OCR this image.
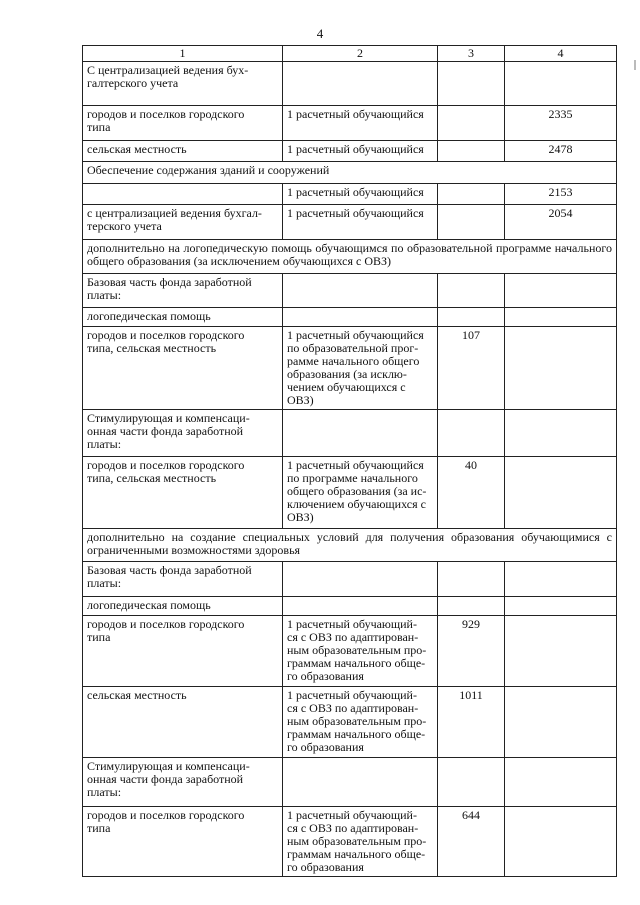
4
1	2	3	4
С централизацией ведения бух-
галтерского учета			
городов и поселков городского
типа	1 расчетный обучающийся		2335
сельская местность	1 расчетный обучающийся		2478
Обеспечение содержания зданий и сооружений			
	1 расчетный обучающийся		2153
с централизацией ведения бухгал-
терского учета	1 расчетный обучающийся		2054
дополнительно на логопедическую помощь обучающимся по образовательной программе начального общего образования (за исключением обучающихся с ОВЗ)			
Базовая часть фонда заработной
платы:			
логопедическая помощь			
городов и поселков городского
типа, сельская местность	1 расчетный обучающийся
по образовательной прог-
рамме начального общего
образования (за исклю-
чением обучающихся с ОВЗ)	107	
Стимулирующая и компенсаци-
онная части фонда заработной
платы:			
городов и поселков городского
типа, сельская местность	1 расчетный обучающийся
по программе начального
общего образования (за ис-
ключением обучающихся с
ОВЗ)	40	
дополнительно на создание специальных условий для получения образования обучающимися с ограниченными возможностями здоровья			
Базовая часть фонда заработной
платы:			
логопедическая помощь			
городов и поселков городского
типа	1 расчетный обучающий-
ся с ОВЗ по адаптирован-
ным образовательным про-
граммам начального обще-
го образования	929	
сельская местность	1 расчетный обучающий-
ся с ОВЗ по адаптирован-
ным образовательным про-
граммам начального обще-
го образования	1011	
Стимулирующая и компенсаци-
онная части фонда заработной
платы:			
городов и поселков городского
типа	1 расчетный обучающий-
ся с ОВЗ по адаптирован-
ным образовательным про-
граммам начального обще-
го образования	644	
